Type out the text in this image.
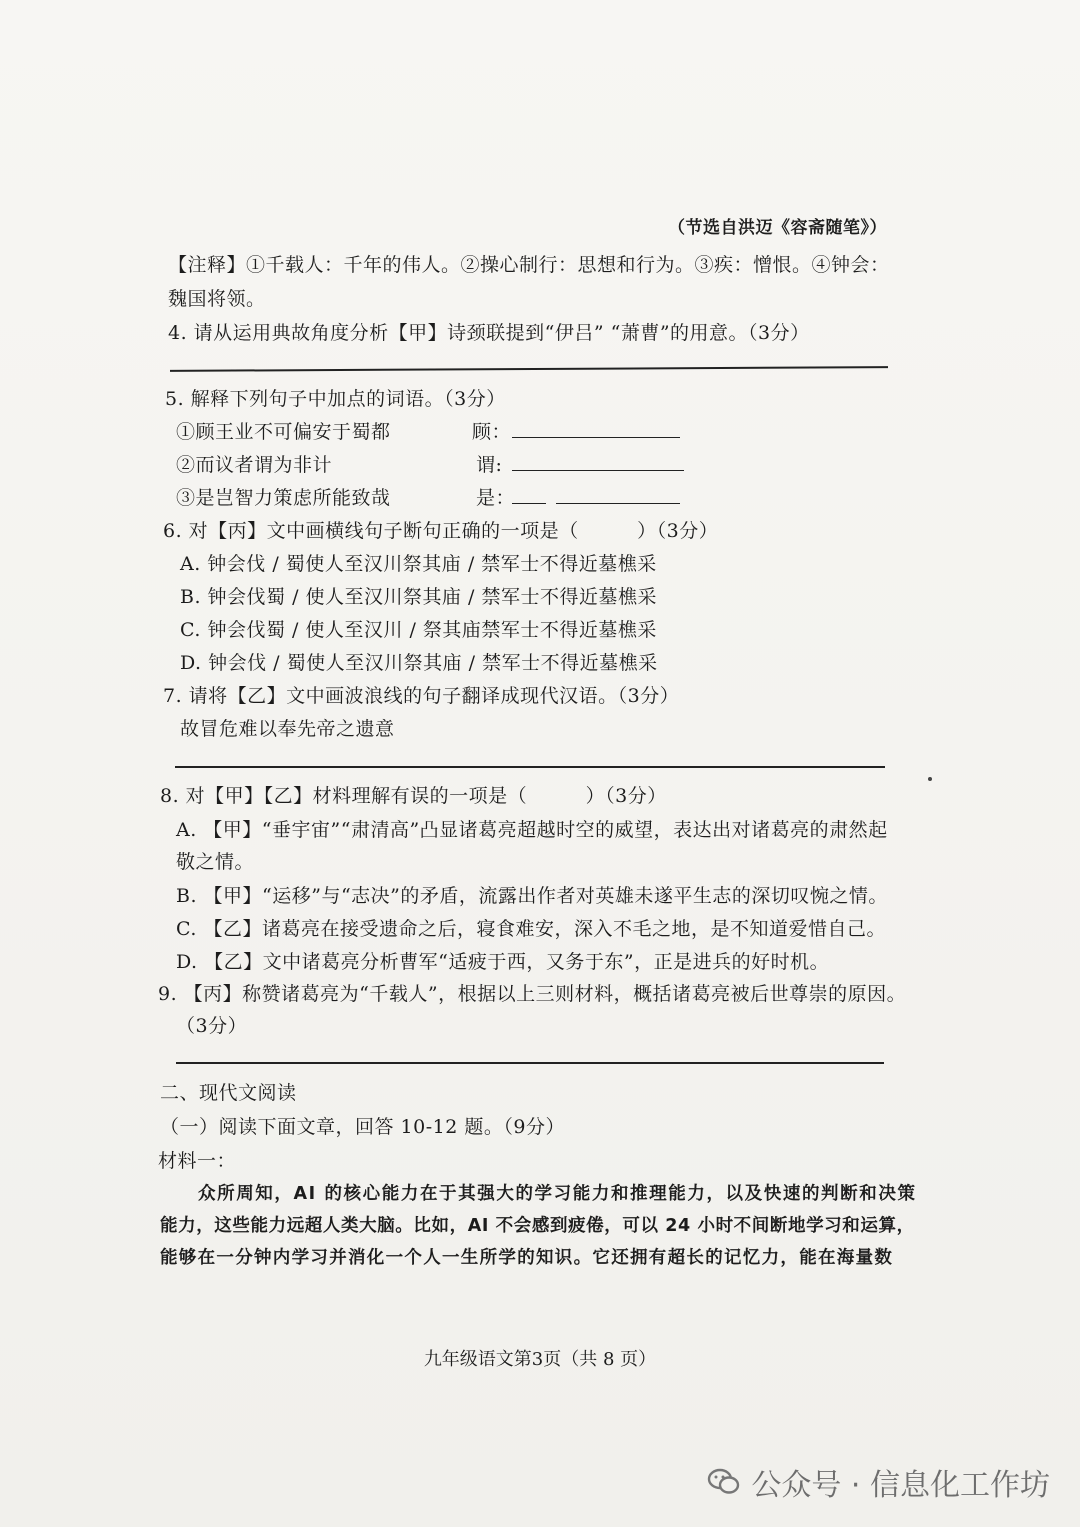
（节选自洪迈《容斋随笔》）
【注释】①千载人：千年的伟人。②操心制行：思想和行为。③疾：憎恨。④钟会：
魏国将领。
4. 请从运用典故角度分析【甲】诗颈联提到“伊吕” “萧曹”的用意。（3分）
5. 解释下列句子中加点的词语。（3分）
①顾王业不可偏安于蜀都	顾：
②而议者谓为非计	谓:
③是岂智力策虑所能致哉	是：
6. 对【丙】文中画横线句子断句正确的一项是（　　　）（3分）
A. 钟会伐 / 蜀使人至汉川祭其庙 / 禁军士不得近墓樵采
B. 钟会伐蜀 / 使人至汉川祭其庙 / 禁军士不得近墓樵采
C. 钟会伐蜀 / 使人至汉川 / 祭其庙禁军士不得近墓樵采
D. 钟会伐 / 蜀使人至汉川祭其庙 / 禁军士不得近墓樵采
7. 请将【乙】文中画波浪线的句子翻译成现代汉语。（3分）
故冒危难以奉先帝之遗意
8. 对【甲】【乙】材料理解有误的一项是（　　　）（3分）
A. 【甲】“垂宇宙”“肃清高”凸显诸葛亮超越时空的威望，表达出对诸葛亮的肃然起
敬之情。
B. 【甲】“运移”与“志决”的矛盾，流露出作者对英雄未遂平生志的深切叹惋之情。
C. 【乙】诸葛亮在接受遗命之后，寝食难安，深入不毛之地，是不知道爱惜自己。
D. 【乙】文中诸葛亮分析曹军“适疲于西，又务于东”，正是进兵的好时机。
9. 【丙】称赞诸葛亮为“千载人”，根据以上三则材料，概括诸葛亮被后世尊崇的原因。
（3分）
二、现代文阅读
（一）阅读下面文章，回答 10-12 题。（9分）
材料一：
众所周知，AI 的核心能力在于其强大的学习能力和推理能力，以及快速的判断和决策
能力，这些能力远超人类大脑。比如，AI 不会感到疲倦，可以 24 小时不间断地学习和运算，
能够在一分钟内学习并消化一个人一生所学的知识。它还拥有超长的记忆力，能在海量数
九年级语文第3页（共 8 页）
公众号 · 信息化工作坊
